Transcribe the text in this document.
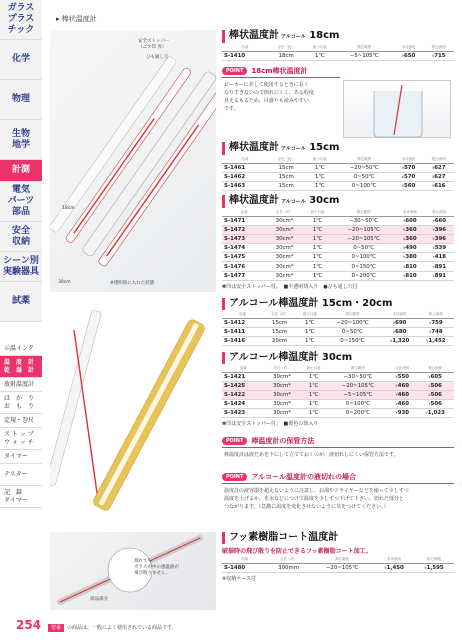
ガラス
プラス
チック
化学
物理
生物
地学
計測
電気
パーツ
部品
安全
収納
シーン別
実験器具
試薬
示温インク
温　度　計
乾　湿　計
放射温度計
は　か　り
お　も　り
定規・巻尺
ス ト ッ プ
ウ ォ ッ チ
タイマー
テスター
記　録
タイマー
▸ 棒状温度計
安全ストッパー
（ニタ印 赤）
ひも通し穴
18cm
30cm	※透明筒に入れた状態
割れても
ガラスが中の感温液が
飛び散りません。
部品部分
棒状温度計 アルコール 18cm
品番	全長（約）	最小目盛	測定範囲	本体価格	税込価格
S-1410	18cm	1℃	−5~105℃	¥650	¥715
POINT 18cm棒状温度計
ビーカーに差して使用するときに長く
なりすぎないので倒れにくく、ある程度
見えるもるため、目盛りも読みやすい
です。
棒状温度計 アルコール 15cm
品番	全長（約）	最小目盛	測定範囲	本体価格	税込価格
S-1461	15cm	1℃	−20~50℃	¥570	¥627
S-1462	15cm	1℃	0~50℃	¥570	¥627
S-1463	15cm	1℃	0~100℃	¥560	¥616
棒状温度計 アルコール 30cm
品番	全長（約）	最小目盛	測定範囲	本体価格	税込価格
S-1471	30cm*	1℃	−30~50℃	¥600	¥660
S-1472	30cm*	1℃	−20~105℃	¥360	¥396
S-1473	30cm*	1℃	−20~105℃	¥360	¥396
S-1474	30cm*	1℃	0~50℃	¥490	¥539
S-1475	30cm*	1℃	0~100℃	¥380	¥418
S-1476	30cm*	1℃	0~150℃	¥810	¥891
S-1477	30cm*	1℃	0~200℃	¥810	¥891
✽印は安全ストッパー付。　■半透明筒入り　●ひも通し穴付
アルコール棒温度計 15cm・20cm
品番	全長（約）	最小目盛	測定範囲	本体価格	税込価格
S-1412	15cm	1℃	−20~100℃	¥690	¥759
S-1411	15cm	1℃	0~50℃	¥680	¥748
S-1416	20cm	1℃	0~150℃	¥1,320	¥1,452
アルコール棒温度計 30cm
品番	全長（約）	最小目盛	測定範囲	本体価格	税込価格
S-1421	30cm*	1℃	−30~50℃	¥550	¥605
S-1425	30cm*	1℃	−20~105℃	¥460	¥506
S-1422	30cm*	1℃	−5~105℃	¥460	¥506
S-1424	30cm*	1℃	0~100℃	¥460	¥506
S-1423	30cm*	1℃	0~200℃	¥930	¥1,023
✽印は安全ストッパー付。　■黄色の筒入り
POINT 棒温度計の保管方法
棒温度計は液だめを下にして立てておくのが、液切れしにくい保管方法です。
POINT アルコール温度計の液切れの場合
温度計の液容器を超えないように注意し、お湯やドライヤーなどを使って少しずつ
温度を上げるか、氷水などにつけて温度を少しずつ下げて下さい。切れた部分と
つながります。（急激に温度を変化させないように気をつけてください。）
フッ素樹脂コート温度計
破損時の飛び散りを防止できるフッ素樹脂コート加工。
品番	全長（約）	測定範囲	本体価格	税込価格
S-1480	300mm	−20~105℃	¥1,450	¥1,595
※収納ケース付
254	型番 の商品は、一般によく使用されている商品です。
